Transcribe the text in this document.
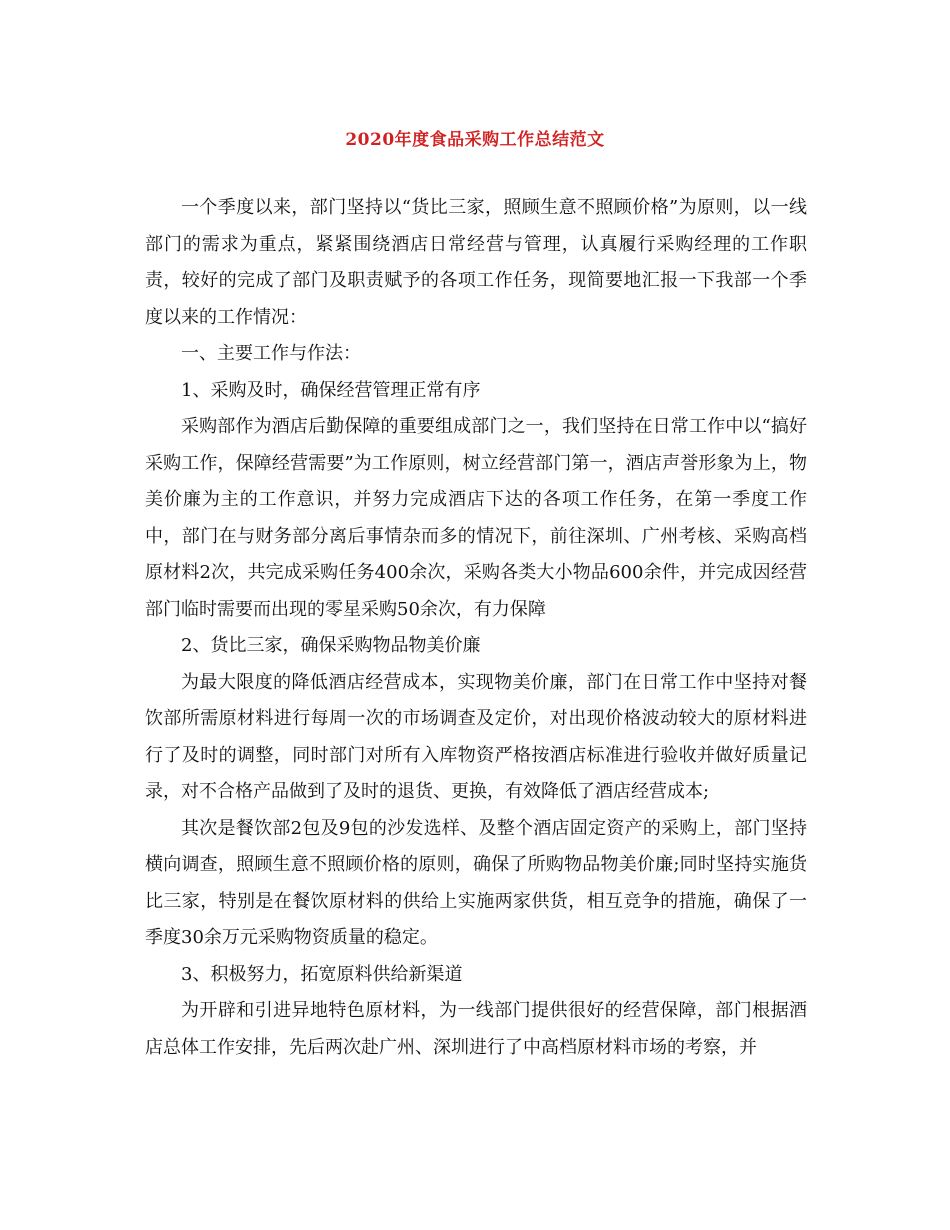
2020年度食品采购工作总结范文

一个季度以来，部门坚持以“货比三家，照顾生意不照顾价格”为原则，以一线部门的需求为重点，紧紧围绕酒店日常经营与管理，认真履行采购经理的工作职责，较好的完成了部门及职责赋予的各项工作任务，现简要地汇报一下我部一个季度以来的工作情况：

一、主要工作与作法：

1、采购及时，确保经营管理正常有序

采购部作为酒店后勤保障的重要组成部门之一，我们坚持在日常工作中以“搞好采购工作，保障经营需要”为工作原则，树立经营部门第一，酒店声誉形象为上，物美价廉为主的工作意识，并努力完成酒店下达的各项工作任务，在第一季度工作中，部门在与财务部分离后事情杂而多的情况下，前往深圳、广州考核、采购高档原材料2次，共完成采购任务400余次，采购各类大小物品600余件，并完成因经营部门临时需要而出现的零星采购50余次，有力保障

2、货比三家，确保采购物品物美价廉

为最大限度的降低酒店经营成本，实现物美价廉，部门在日常工作中坚持对餐饮部所需原材料进行每周一次的市场调查及定价，对出现价格波动较大的原材料进行了及时的调整，同时部门对所有入库物资严格按酒店标准进行验收并做好质量记录，对不合格产品做到了及时的退货、更换，有效降低了酒店经营成本;

其次是餐饮部2包及9包的沙发选样、及整个酒店固定资产的采购上，部门坚持横向调查，照顾生意不照顾价格的原则，确保了所购物品物美价廉;同时坚持实施货比三家，特别是在餐饮原材料的供给上实施两家供货，相互竞争的措施，确保了一季度30余万元采购物资质量的稳定。

3、积极努力，拓宽原料供给新渠道

为开辟和引进异地特色原材料，为一线部门提供很好的经营保障，部门根据酒店总体工作安排，先后两次赴广州、深圳进行了中高档原材料市场的考察，并
